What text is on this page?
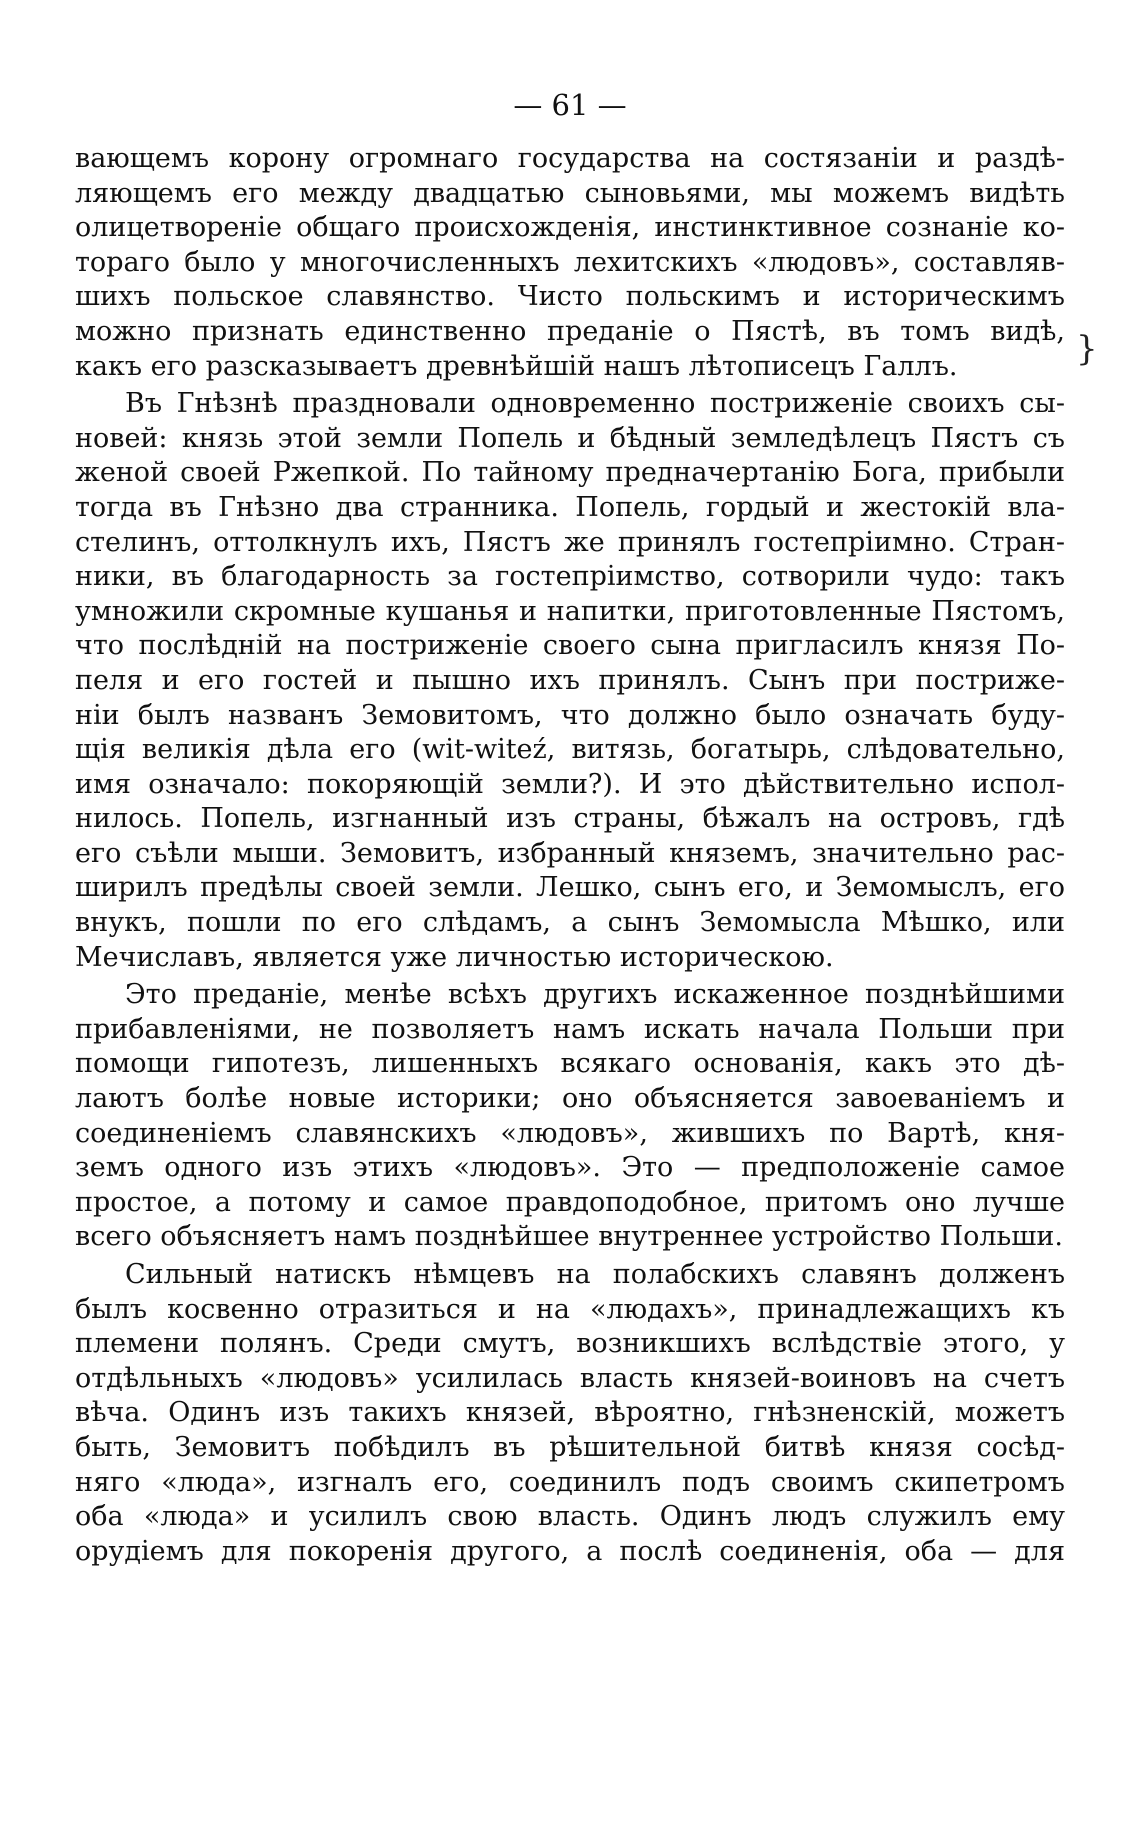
— 61 —
}
вающемъ корону огромнаго государства на состязаніи и раздѣ-
ляющемъ его между двадцатью сыновьями, мы можемъ видѣть
олицетвореніе общаго происхожденія, инстинктивное сознаніе ко-
тораго было у многочисленныхъ лехитскихъ «людовъ», составляв-
шихъ польское славянство. Чисто польскимъ и историческимъ
можно признать единственно преданіе о Пястѣ, въ томъ видѣ,
какъ его разсказываетъ древнѣйшій нашъ лѣтописецъ Галлъ.
Въ Гнѣзнѣ праздновали одновременно постриженіе своихъ сы-
новей: князь этой земли Попель и бѣдный земледѣлецъ Пястъ съ
женой своей Ржепкой. По тайному предначертанію Бога, прибыли
тогда въ Гнѣзно два странника. Попель, гордый и жестокій вла-
стелинъ, оттолкнулъ ихъ, Пястъ же принялъ гостепріимно. Стран-
ники, въ благодарность за гостепріимство, сотворили чудо: такъ
умножили скромные кушанья и напитки, приготовленные Пястомъ,
что послѣдній на постриженіе своего сына пригласилъ князя По-
пеля и его гостей и пышно ихъ принялъ. Сынъ при постриже-
ніи былъ названъ Земовитомъ, что должно было означать буду-
щія великія дѣла его (wit-witeź, витязь, богатырь, слѣдовательно,
имя означало: покоряющій земли?). И это дѣйствительно испол-
нилось. Попель, изгнанный изъ страны, бѣжалъ на островъ, гдѣ
его съѣли мыши. Земовитъ, избранный княземъ, значительно рас-
ширилъ предѣлы своей земли. Лешко, сынъ его, и Земомыслъ, его
внукъ, пошли по его слѣдамъ, а сынъ Земомысла Мѣшко, или
Мечиславъ, является уже личностью историческою.
Это преданіе, менѣе всѣхъ другихъ искаженное позднѣйшими
прибавленіями, не позволяетъ намъ искать начала Польши при
помощи гипотезъ, лишенныхъ всякаго основанія, какъ это дѣ-
лаютъ болѣе новые историки; оно объясняется завоеваніемъ и
соединеніемъ славянскихъ «людовъ», жившихъ по Вартѣ, кня-
земъ одного изъ этихъ «людовъ». Это — предположеніе самое
простое, а потому и самое правдоподобное, притомъ оно лучше
всего объясняетъ намъ позднѣйшее внутреннее устройство Польши.
Сильный натискъ нѣмцевъ на полабскихъ славянъ долженъ
былъ косвенно отразиться и на «людахъ», принадлежащихъ къ
племени полянъ. Среди смутъ, возникшихъ вслѣдствіе этого, у
отдѣльныхъ «людовъ» усилилась власть князей-воиновъ на счетъ
вѣча. Одинъ изъ такихъ князей, вѣроятно, гнѣзненскій, можетъ
быть, Земовитъ побѣдилъ въ рѣшительной битвѣ князя сосѣд-
няго «люда», изгналъ его, соединилъ подъ своимъ скипетромъ
оба «люда» и усилилъ свою власть. Одинъ людъ служилъ ему
орудіемъ для покоренія другого, а послѣ соединенія, оба — для
